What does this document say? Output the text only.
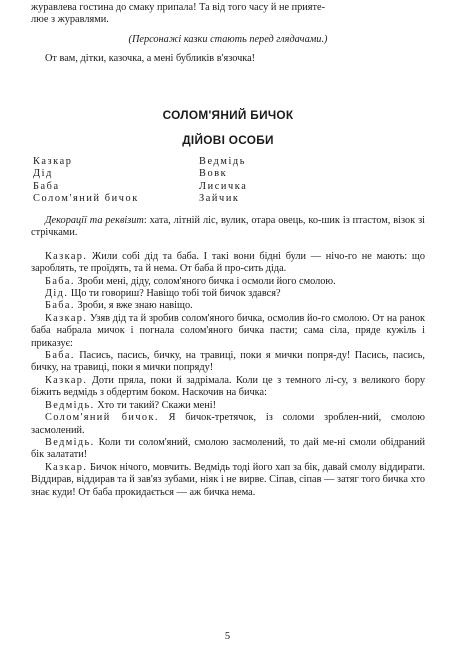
журавлева гостина до смаку припала! Та від того часу й не прияте-

люе з журавлями.

(Персонажі казки стають перед глядачами.)

От вам, дітки, казочка, а мені бубликів в'язочка!

СОЛОМ'ЯНИЙ БИЧОК
ДІЙОВІ ОСОБИ
Казкар	Ведмідь
Дід	Вовк
Баба	Лисичка
Солом'яний бичок	Зайчик

Декорації та реквізит: хата, літній ліс, вулик, отара овець, ко-шик із птастом, візок зі стрічками.

Казкар. Жили собі дід та баба. І такі вони бідні були — нічо-го не мають: що зароблять, те проїдять, та й нема. От баба й про-сить діда.

Баба. Зроби мені, діду, солом'яного бичка і осмоли його смолою.

Дід. Що ти говориш? Навіщо тобі той бичок здався?

Баба. Зроби, я вже знаю навіщо.

Казкар. Узяв дід та й зробив солом'яного бичка, осмолив йо-го смолою. От на ранок баба набрала мичок і погнала солом'яного бичка пасти; сама сіла, пряде кужіль і приказує:

Баба. Пасись, пасись, бичку, на травиці, поки я мички попря-ду! Пасись, пасись, бичку, на травиці, поки я мички попряду!

Казкар. Доти пряла, поки й задрімала. Коли це з темного лі-су, з великого бору біжить ведмідь з обдертим боком. Наскочив на бичка:

Ведмідь. Хто ти такий? Скажи мені!

Солом'яний бичок. Я бичок-третячок, із соломи зроблен-ний, смолою засмолений.

Ведмідь. Коли ти солом'яний, смолою засмолений, то дай ме-ні смоли обідраний бік залатати!

Казкар. Бичок нічого, мовчить. Ведмідь тоді його хап за бік, давай смолу віддирати. Віддирав, віддирав та й зав'яз зубами, ніяк і не вирве. Сіпав, сіпав — затяг того бичка хто знає куди! От баба прокидається — аж бичка нема.

5
